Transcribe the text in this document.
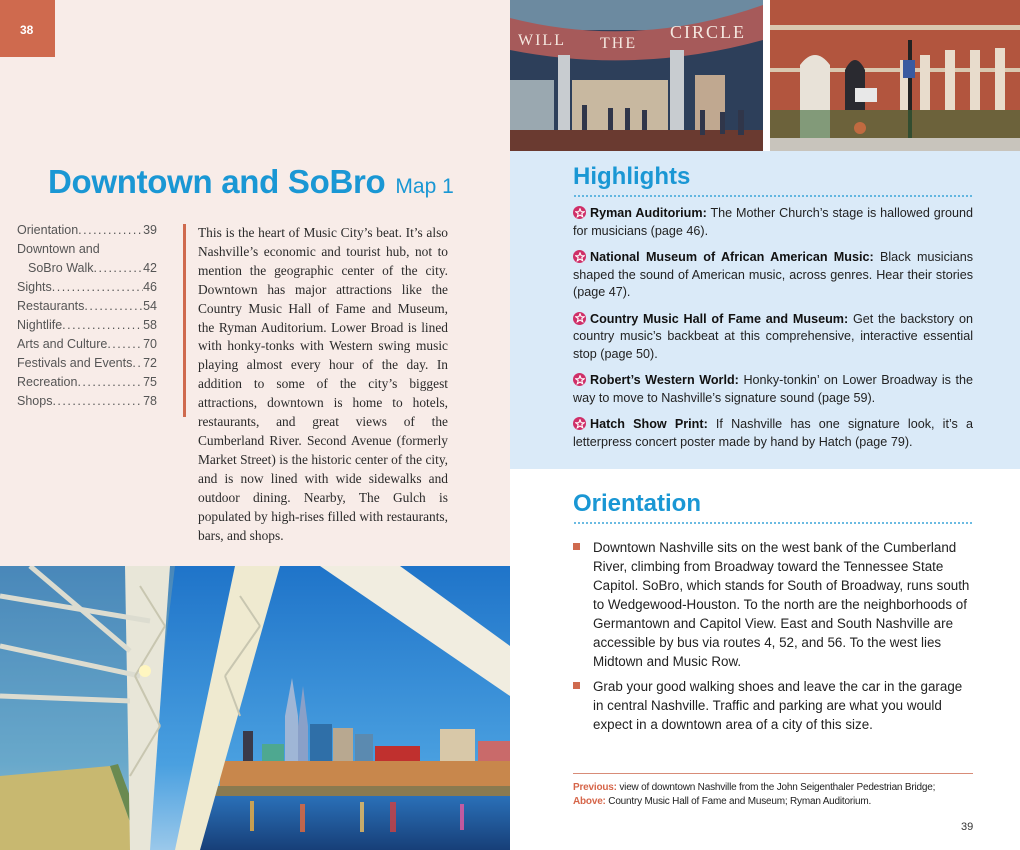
38
Downtown and SoBro Map 1
Orientation .....	39
Downtown and
SoBro Walk .....	42
Sights .....	46
Restaurants .....	54
Nightlife .....	58
Arts and Culture .....	70
Festivals and Events ..... 72
Recreation .....	75
Shops .....	78

This is the heart of Music City’s beat. It’s also Nashville’s economic and tourist hub, not to mention the geographic center of the city. Downtown has major attractions like the Country Music Hall of Fame and Museum, the Ryman Auditorium. Lower Broad is lined with honky-tonks with Western swing music playing almost every hour of the day. In addition to some of the city’s biggest attractions, downtown is home to hotels, restaurants, and great views of the Cumberland River. Second Avenue (formerly Market Street) is the historic center of the city, and is now lined with wide sidewalks and outdoor dining. Nearby, The Gulch is populated by high-rises filled with restaurants, bars, and shops.

WILL THE
CIRCLE
Highlights
Ryman Auditorium: The Mother Church’s stage is hallowed ground for musicians (page 46).
National Museum of African American Music: Black musicians shaped the sound of American music, across genres. Hear their stories (page 47).
Country Music Hall of Fame and Museum: Get the backstory on country music’s backbeat at this comprehensive, interactive essential stop (page 50).
Robert’s Western World: Honky-tonkin’ on Lower Broadway is the way to move to Nashville’s signature sound (page 59).
Hatch Show Print: If Nashville has one signature look, it’s a letterpress concert poster made by hand by Hatch (page 79).
Orientation
Downtown Nashville sits on the west bank of the Cumberland River, climbing from Broadway toward the Tennessee State Capitol. SoBro, which stands for South of Broadway, runs south to Wedgewood-Houston. To the north are the neighborhoods of Germantown and Capitol View. East and South Nashville are accessible by bus via routes 4, 52, and 56. To the west lies Midtown and Music Row.
Grab your good walking shoes and leave the car in the garage in central Nashville. Traffic and parking are what you would expect in a downtown area of a city of this size.
Previous: view of downtown Nashville from the John Seigenthaler Pedestrian Bridge;
Above: Country Music Hall of Fame and Museum; Ryman Auditorium.
39
